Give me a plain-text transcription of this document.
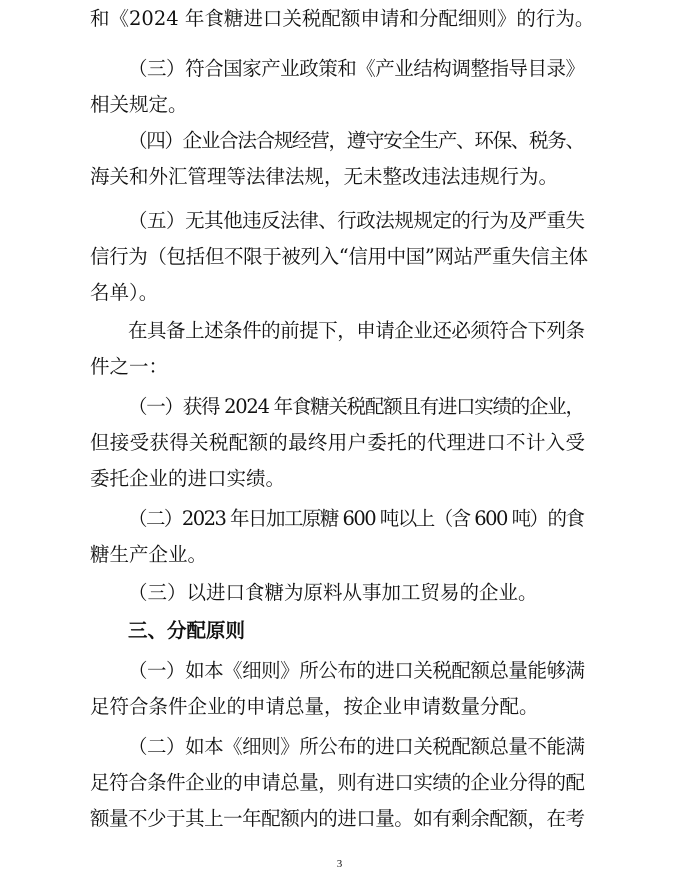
和《2024 年食糖进口关税配额申请和分配细则》的行为。
（三）符合国家产业政策和《产业结构调整指导目录》
相关规定。
（四）企业合法合规经营，遵守安全生产、环保、税务、
海关和外汇管理等法律法规，无未整改违法违规行为。
（五）无其他违反法律、行政法规规定的行为及严重失
信行为（包括但不限于被列入“信用中国”网站严重失信主体
名单）。
在具备上述条件的前提下，申请企业还必须符合下列条
件之一：
（一）获得 2024 年食糖关税配额且有进口实绩的企业，
但接受获得关税配额的最终用户委托的代理进口不计入受
委托企业的进口实绩。
（二）2023 年日加工原糖 600 吨以上（含 600 吨）的食
糖生产企业。
（三）以进口食糖为原料从事加工贸易的企业。
三、分配原则
（一）如本《细则》所公布的进口关税配额总量能够满
足符合条件企业的申请总量，按企业申请数量分配。
（二）如本《细则》所公布的进口关税配额总量不能满
足符合条件企业的申请总量，则有进口实绩的企业分得的配
额量不少于其上一年配额内的进口量。如有剩余配额，在考
3
